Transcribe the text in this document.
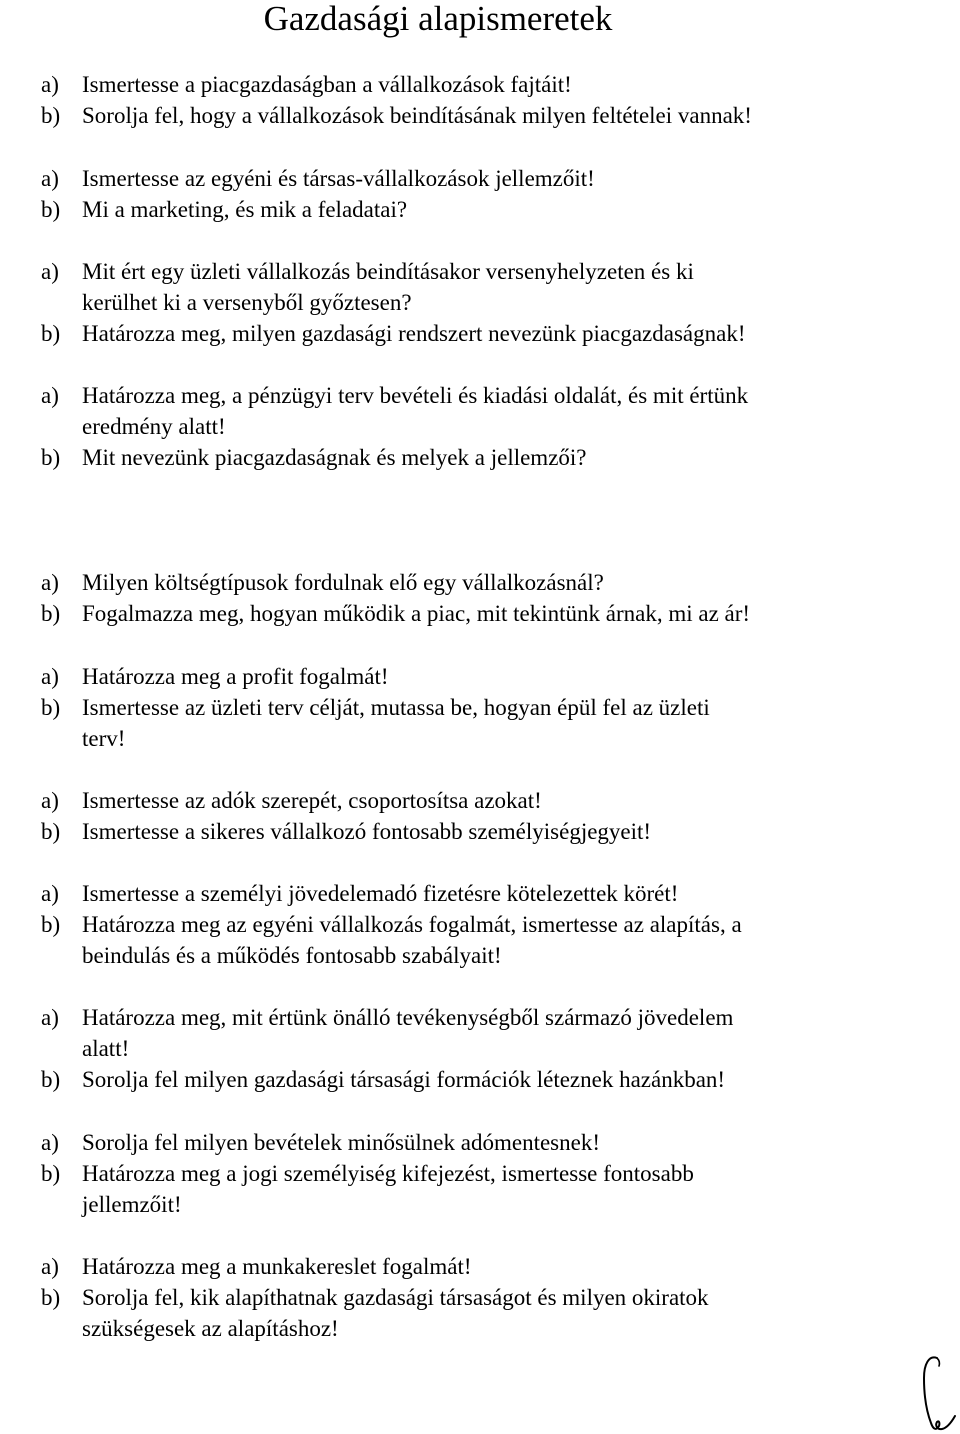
Gazdasági alapismeretek
a) Ismertesse a piacgazdaságban a vállalkozások fajtáit!
b) Sorolja fel, hogy a vállalkozások beindításának milyen feltételei vannak!
a) Ismertesse az egyéni és társas-vállalkozások jellemzőit!
b) Mi a marketing, és mik a feladatai?
a) Mit ért egy üzleti vállalkozás beindításakor versenyhelyzeten és ki
kerülhet ki a versenyből győztesen?
b) Határozza meg, milyen gazdasági rendszert nevezünk piacgazdaságnak!
a) Határozza meg, a pénzügyi terv bevételi és kiadási oldalát, és mit értünk
eredmény alatt!
b) Mit nevezünk piacgazdaságnak és melyek a jellemzői?
a) Milyen költségtípusok fordulnak elő egy vállalkozásnál?
b) Fogalmazza meg, hogyan működik a piac, mit tekintünk árnak, mi az ár!
a) Határozza meg a profit fogalmát!
b) Ismertesse az üzleti terv célját, mutassa be, hogyan épül fel az üzleti
terv!
a) Ismertesse az adók szerepét, csoportosítsa azokat!
b) Ismertesse a sikeres vállalkozó fontosabb személyiségjegyeit!
a) Ismertesse a személyi jövedelemadó fizetésre kötelezettek körét!
b) Határozza meg az egyéni vállalkozás fogalmát, ismertesse az alapítás, a
beindulás és a működés fontosabb szabályait!
a) Határozza meg, mit értünk önálló tevékenységből származó jövedelem
alatt!
b) Sorolja fel milyen gazdasági társasági formációk léteznek hazánkban!
a) Sorolja fel milyen bevételek minősülnek adómentesnek!
b) Határozza meg a jogi személyiség kifejezést, ismertesse fontosabb
jellemzőit!
a) Határozza meg a munkakereslet fogalmát!
b) Sorolja fel, kik alapíthatnak gazdasági társaságot és milyen okiratok
szükségesek az alapításhoz!
